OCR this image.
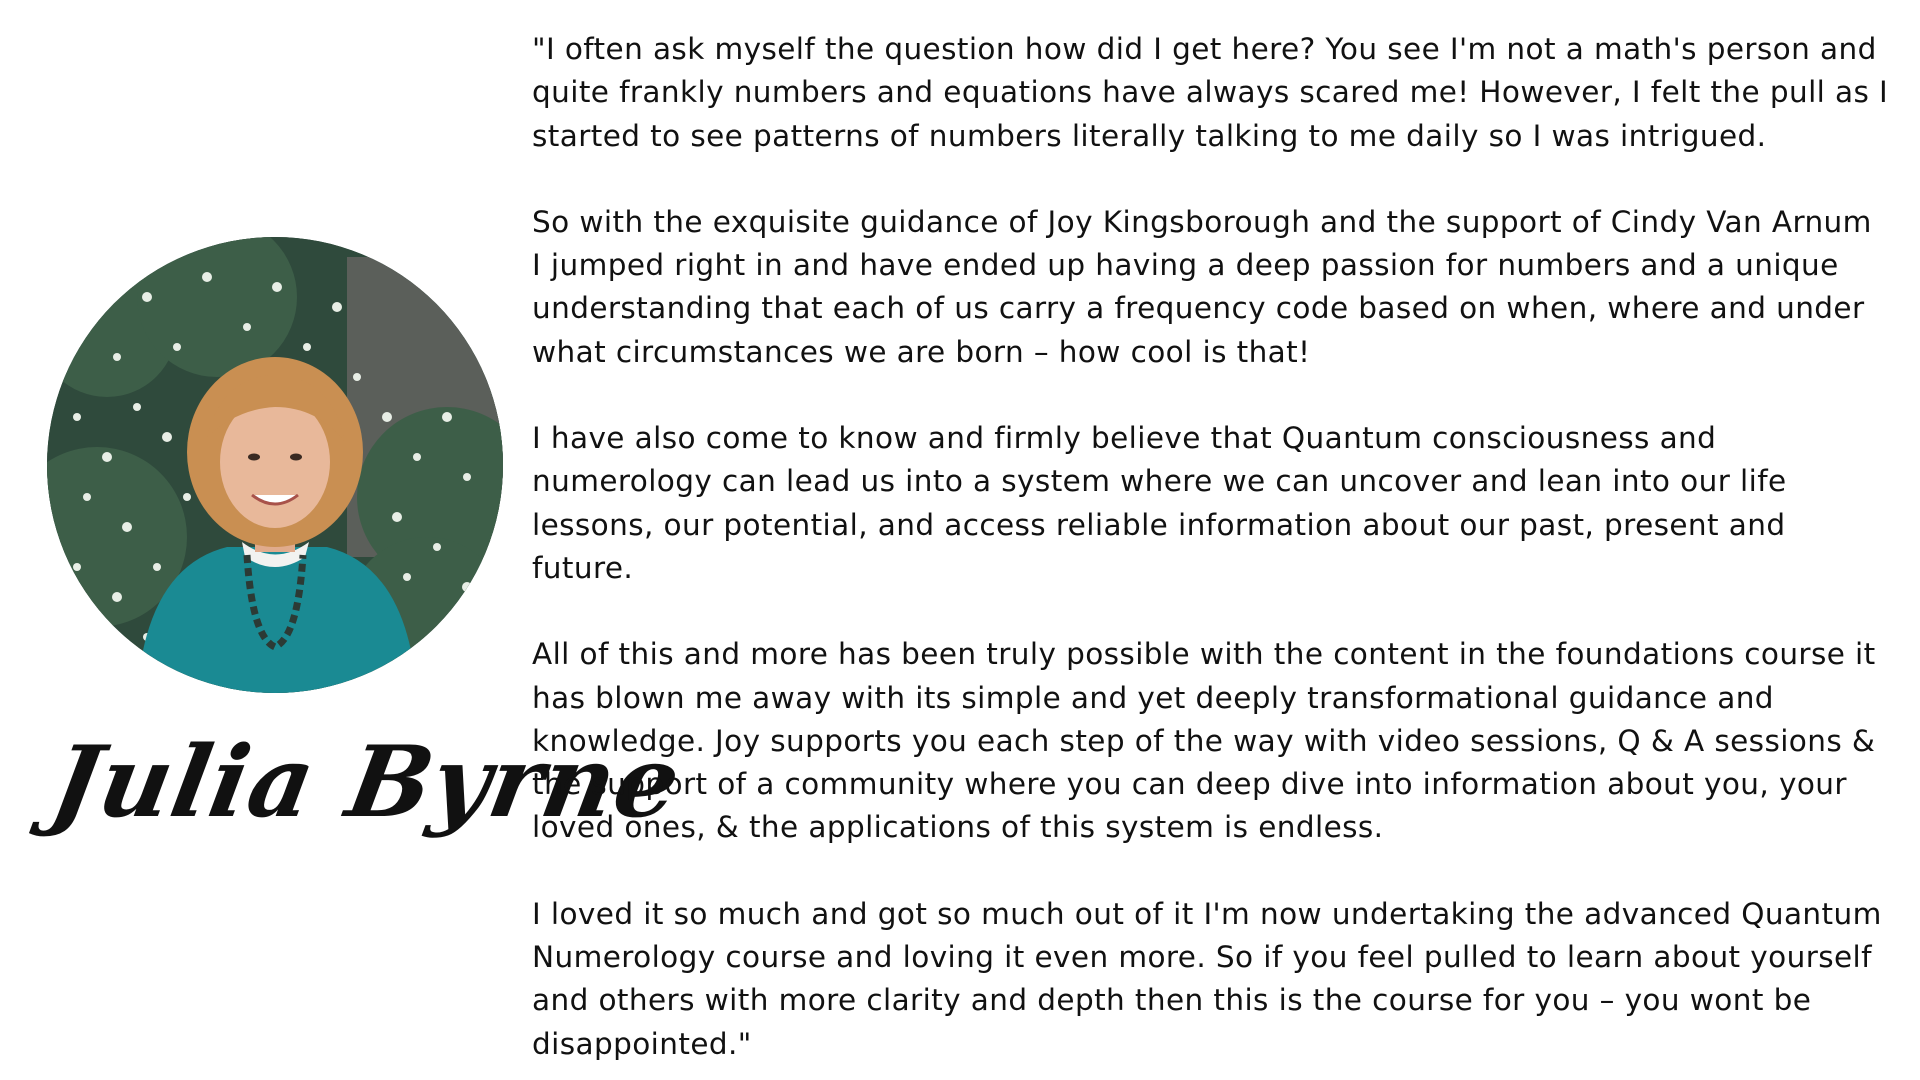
Julia Byrne

"I often ask myself the question how did I get here? You see I'm not a math's person and
quite frankly numbers and equations have always scared me! However, I felt the pull as I
started to see patterns of numbers literally talking to me daily so I was intrigued.

So with the exquisite guidance of Joy Kingsborough and the support of Cindy Van Arnum
I jumped right in and have ended up having a deep passion for numbers and a unique
understanding that each of us carry a frequency code based on when, where and under
what circumstances we are born – how cool is that!

I have also come to know and firmly believe that Quantum consciousness and
numerology can lead us into a system where we can uncover and lean into our life
lessons, our potential, and access reliable information about our past, present and
future.

All of this and more has been truly possible with the content in the foundations course it
has blown me away with its simple and yet deeply transformational guidance and
knowledge. Joy supports you each step of the way with video sessions, Q & A sessions &
the support of a community where you can deep dive into information about you, your
loved ones, & the applications of this system is endless.

I loved it so much and got so much out of it I'm now undertaking the advanced Quantum
Numerology course and loving it even more. So if you feel pulled to learn about yourself
and others with more clarity and depth then this is the course for you – you wont be
disappointed."
